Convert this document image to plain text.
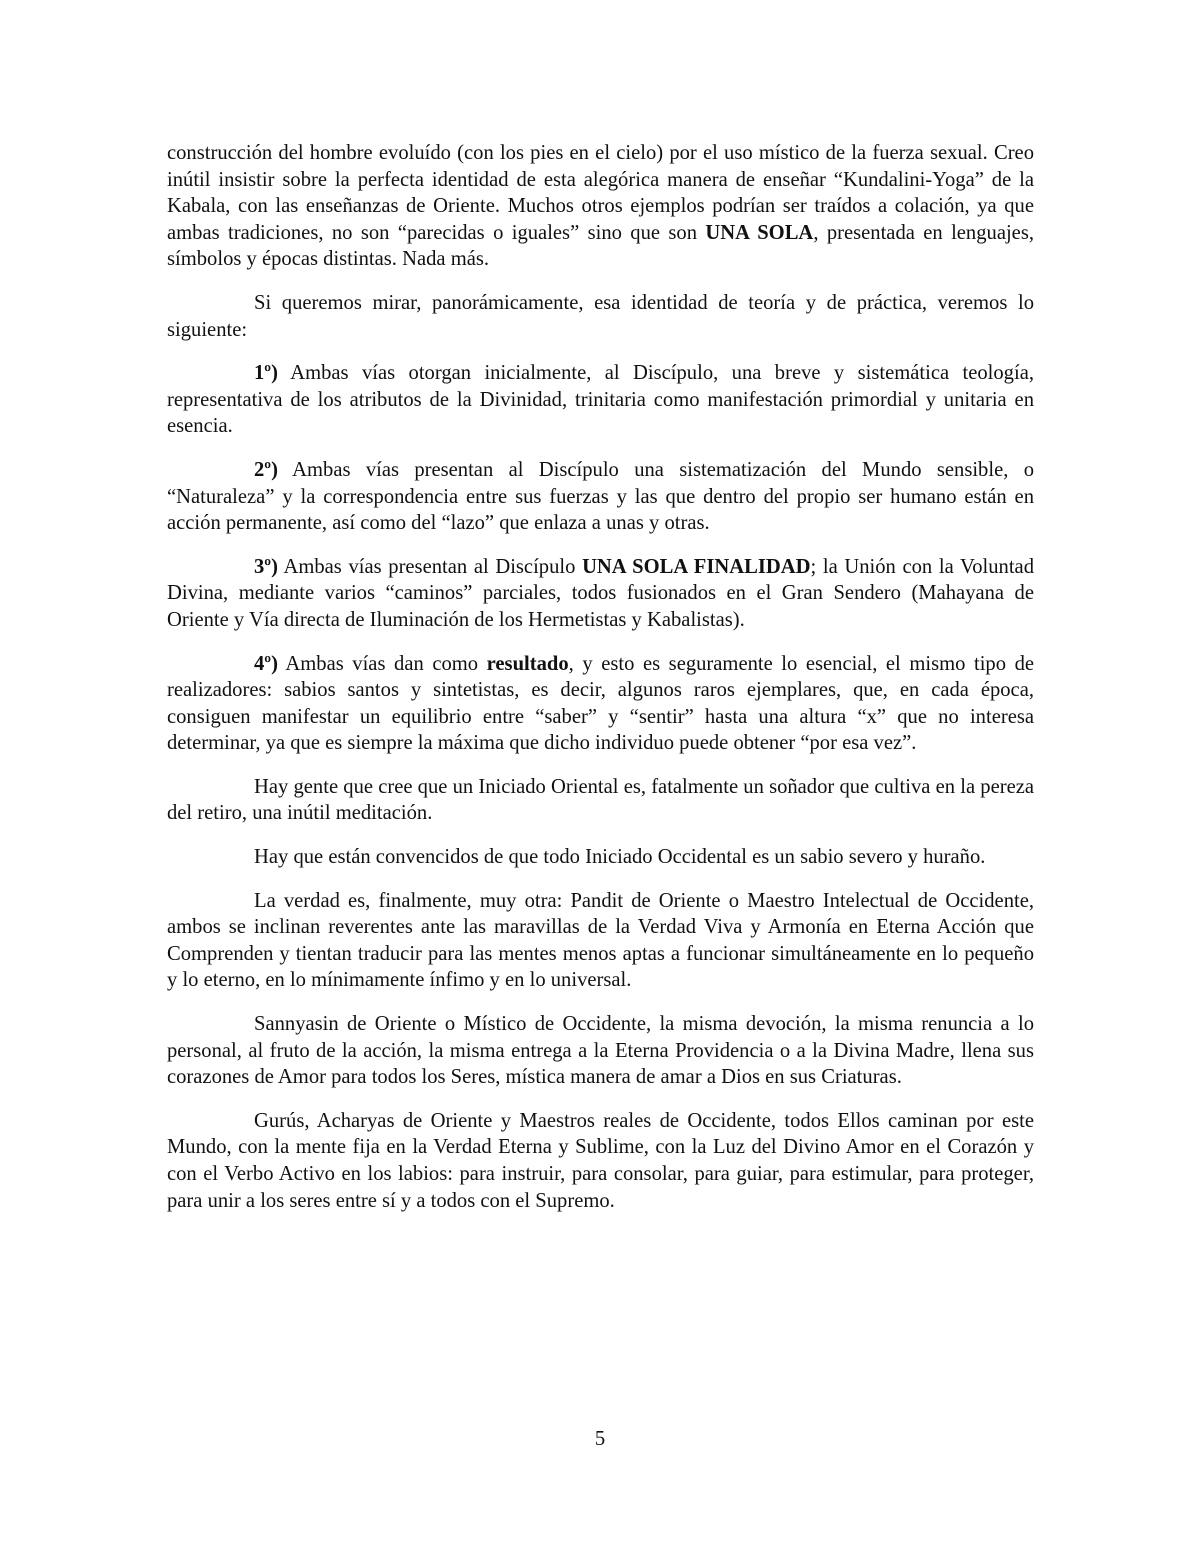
construcción del hombre evoluído (con los pies en el cielo) por el uso místico de la fuerza sexual. Creo inútil insistir sobre la perfecta identidad de esta alegórica manera de enseñar “Kundalini-Yoga” de la Kabala, con las enseñanzas de Oriente. Muchos otros ejemplos podrían ser traídos a colación, ya que ambas tradiciones, no son “parecidas o iguales” sino que son UNA SOLA, presentada en lenguajes, símbolos y épocas distintas. Nada más.

Si queremos mirar, panorámicamente, esa identidad de teoría y de práctica, veremos lo siguiente:

1º) Ambas vías otorgan inicialmente, al Discípulo, una breve y sistemática teología, representativa de los atributos de la Divinidad, trinitaria como manifestación primordial y unitaria en esencia.

2º) Ambas vías presentan al Discípulo una sistematización del Mundo sensible, o “Naturaleza” y la correspondencia entre sus fuerzas y las que dentro del propio ser humano están en acción permanente, así como del “lazo” que enlaza a unas y otras.

3º) Ambas vías presentan al Discípulo UNA SOLA FINALIDAD; la Unión con la Voluntad Divina, mediante varios “caminos” parciales, todos fusionados en el Gran Sendero (Mahayana de Oriente y Vía directa de Iluminación de los Hermetistas y Kabalistas).

4º) Ambas vías dan como resultado, y esto es seguramente lo esencial, el mismo tipo de realizadores: sabios santos y sintetistas, es decir, algunos raros ejemplares, que, en cada época, consiguen manifestar un equilibrio entre “saber” y “sentir” hasta una altura “x” que no interesa determinar, ya que es siempre la máxima que dicho individuo puede obtener “por esa vez”.

Hay gente que cree que un Iniciado Oriental es, fatalmente un soñador que cultiva en la pereza del retiro, una inútil meditación.

Hay que están convencidos de que todo Iniciado Occidental es un sabio severo y huraño.

La verdad es, finalmente, muy otra: Pandit de Oriente o Maestro Intelectual de Occidente, ambos se inclinan reverentes ante las maravillas de la Verdad Viva y Armonía en Eterna Acción que Comprenden y tientan traducir para las mentes menos aptas a funcionar simultáneamente en lo pequeño y lo eterno, en lo mínimamente ínfimo y en lo universal.

Sannyasin de Oriente o Místico de Occidente, la misma devoción, la misma renuncia a lo personal, al fruto de la acción, la misma entrega a la Eterna Providencia o a la Divina Madre, llena sus corazones de Amor para todos los Seres, mística manera de amar a Dios en sus Criaturas.

Gurús, Acharyas de Oriente y Maestros reales de Occidente, todos Ellos caminan por este Mundo, con la mente fija en la Verdad Eterna y Sublime, con la Luz del Divino Amor en el Corazón y con el Verbo Activo en los labios: para instruir, para consolar, para guiar, para estimular, para proteger, para unir a los seres entre sí y a todos con el Supremo.

5
